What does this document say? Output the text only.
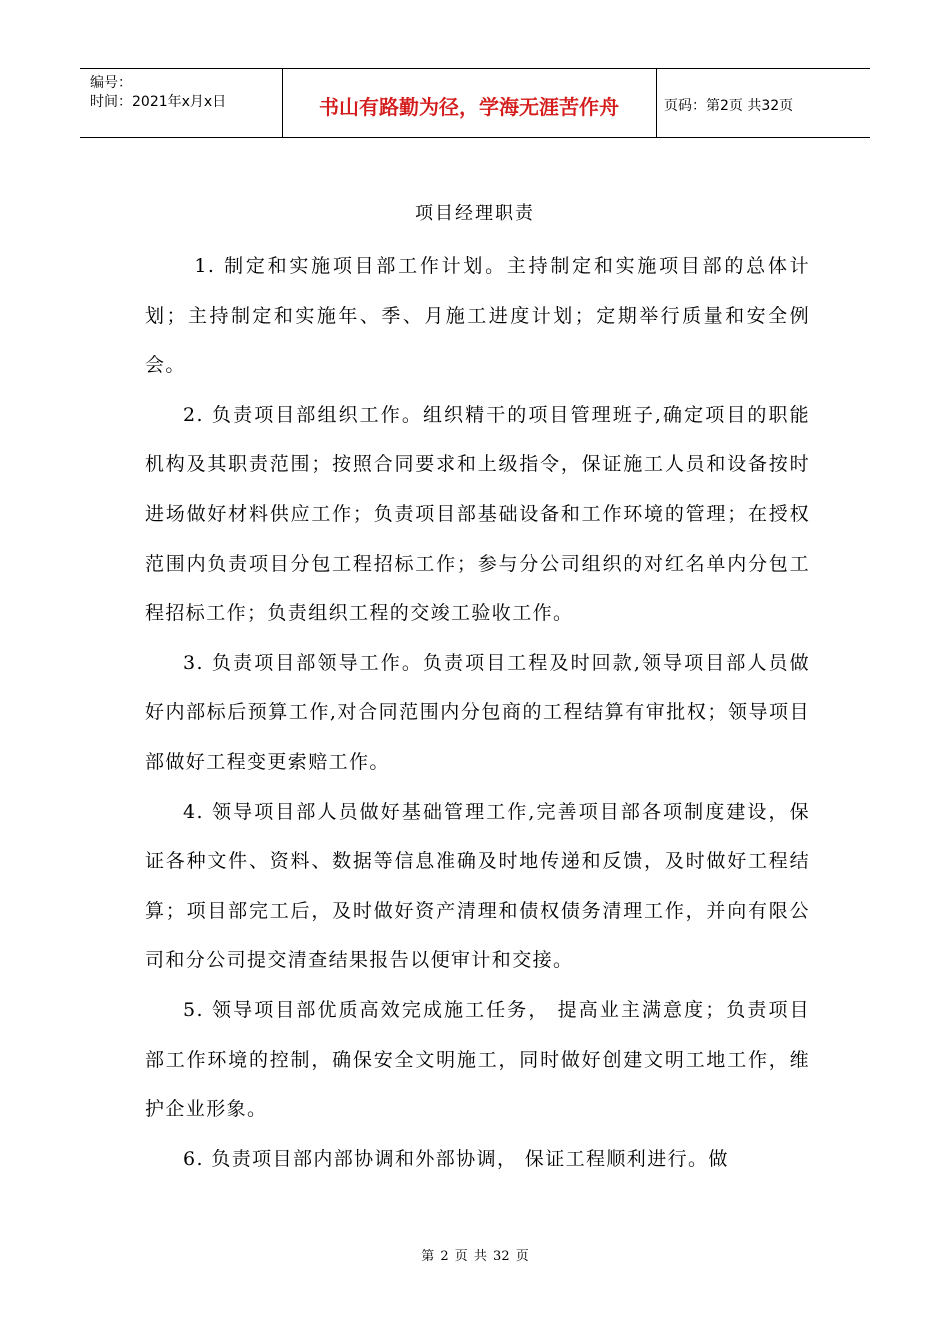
编号：
时间：2021年x月x日	书山有路勤为径，学海无涯苦作舟	页码：第2页 共32页
项目经理职责

1. 制定和实施项目部工作计划。主持制定和实施项目部的总体计划；主持制定和实施年、季、月施工进度计划；定期举行质量和安全例会。

2. 负责项目部组织工作。组织精干的项目管理班子,确定项目的职能机构及其职责范围；按照合同要求和上级指令，保证施工人员和设备按时进场做好材料供应工作；负责项目部基础设备和工作环境的管理；在授权范围内负责项目分包工程招标工作；参与分公司组织的对红名单内分包工程招标工作；负责组织工程的交竣工验收工作。

3. 负责项目部领导工作。负责项目工程及时回款,领导项目部人员做好内部标后预算工作,对合同范围内分包商的工程结算有审批权；领导项目部做好工程变更索赔工作。

4. 领导项目部人员做好基础管理工作,完善项目部各项制度建设，保证各种文件、资料、数据等信息准确及时地传递和反馈，及时做好工程结算；项目部完工后，及时做好资产清理和债权债务清理工作，并向有限公司和分公司提交清查结果报告以便审计和交接。

5. 领导项目部优质高效完成施工任务， 提高业主满意度；负责项目部工作环境的控制，确保安全文明施工，同时做好创建文明工地工作，维护企业形象。

6. 负责项目部内部协调和外部协调， 保证工程顺利进行。做

第 2 页 共 32 页
